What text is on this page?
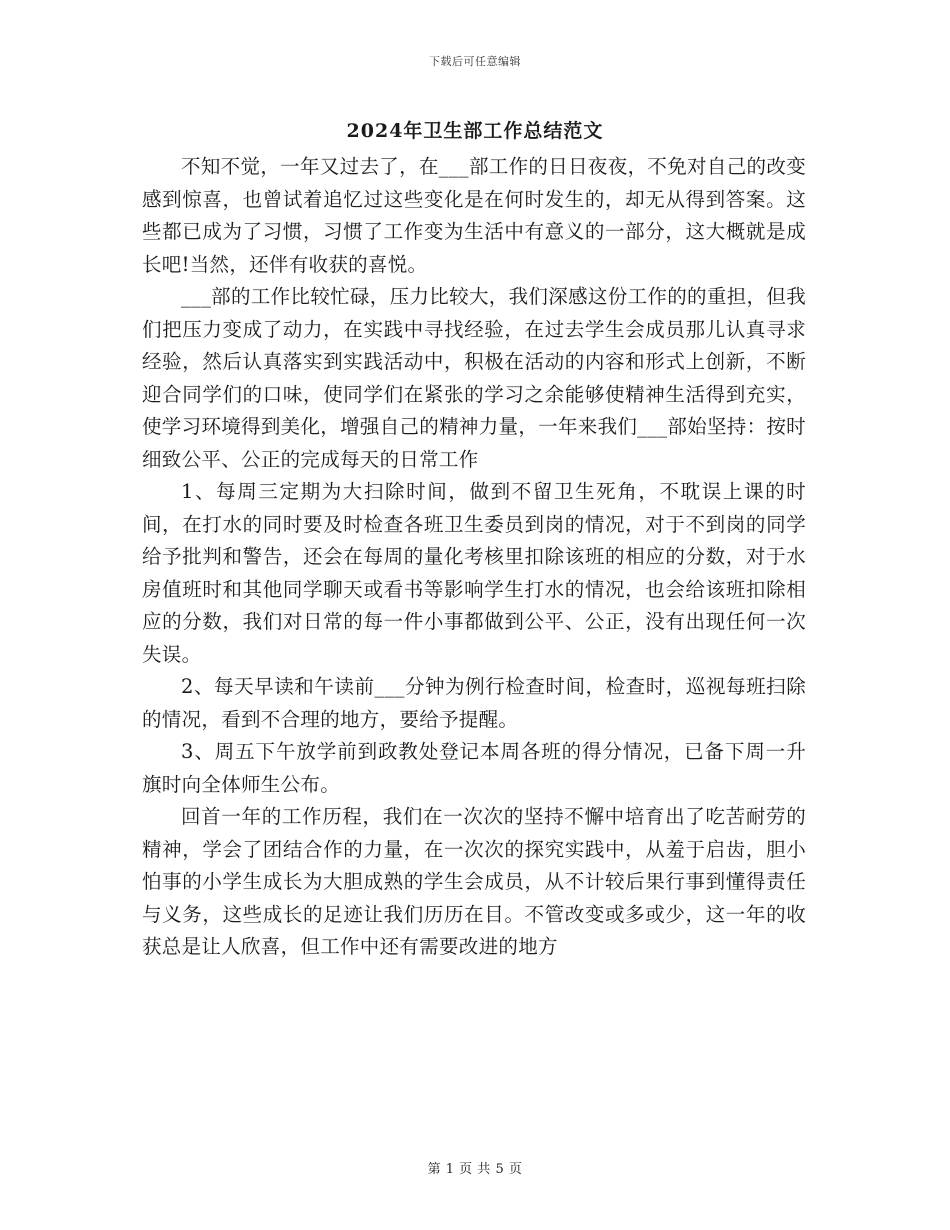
下载后可任意编辑
2024年卫生部工作总结范文

不知不觉，一年又过去了，在___部工作的日日夜夜，不免对自己的改变感到惊喜，也曾试着追忆过这些变化是在何时发生的，却无从得到答案。这些都已成为了习惯，习惯了工作变为生活中有意义的一部分，这大概就是成长吧!当然，还伴有收获的喜悦。

___部的工作比较忙碌，压力比较大，我们深感这份工作的的重担，但我们把压力变成了动力，在实践中寻找经验，在过去学生会成员那儿认真寻求经验，然后认真落实到实践活动中，积极在活动的内容和形式上创新，不断迎合同学们的口味，使同学们在紧张的学习之余能够使精神生活得到充实，使学习环境得到美化，增强自己的精神力量，一年来我们___部始坚持：按时细致公平、公正的完成每天的日常工作

1、每周三定期为大扫除时间，做到不留卫生死角，不耽误上课的时间，在打水的同时要及时检查各班卫生委员到岗的情况，对于不到岗的同学给予批判和警告，还会在每周的量化考核里扣除该班的相应的分数，对于水房值班时和其他同学聊天或看书等影响学生打水的情况，也会给该班扣除相应的分数，我们对日常的每一件小事都做到公平、公正，没有出现任何一次失误。

2、每天早读和午读前___分钟为例行检查时间，检查时，巡视每班扫除的情况，看到不合理的地方，要给予提醒。

3、周五下午放学前到政教处登记本周各班的得分情况，已备下周一升旗时向全体师生公布。

回首一年的工作历程，我们在一次次的坚持不懈中培育出了吃苦耐劳的精神，学会了团结合作的力量，在一次次的探究实践中，从羞于启齿，胆小怕事的小学生成长为大胆成熟的学生会成员，从不计较后果行事到懂得责任与义务，这些成长的足迹让我们历历在目。不管改变或多或少，这一年的收获总是让人欣喜，但工作中还有需要改进的地方

第 1 页 共 5 页
